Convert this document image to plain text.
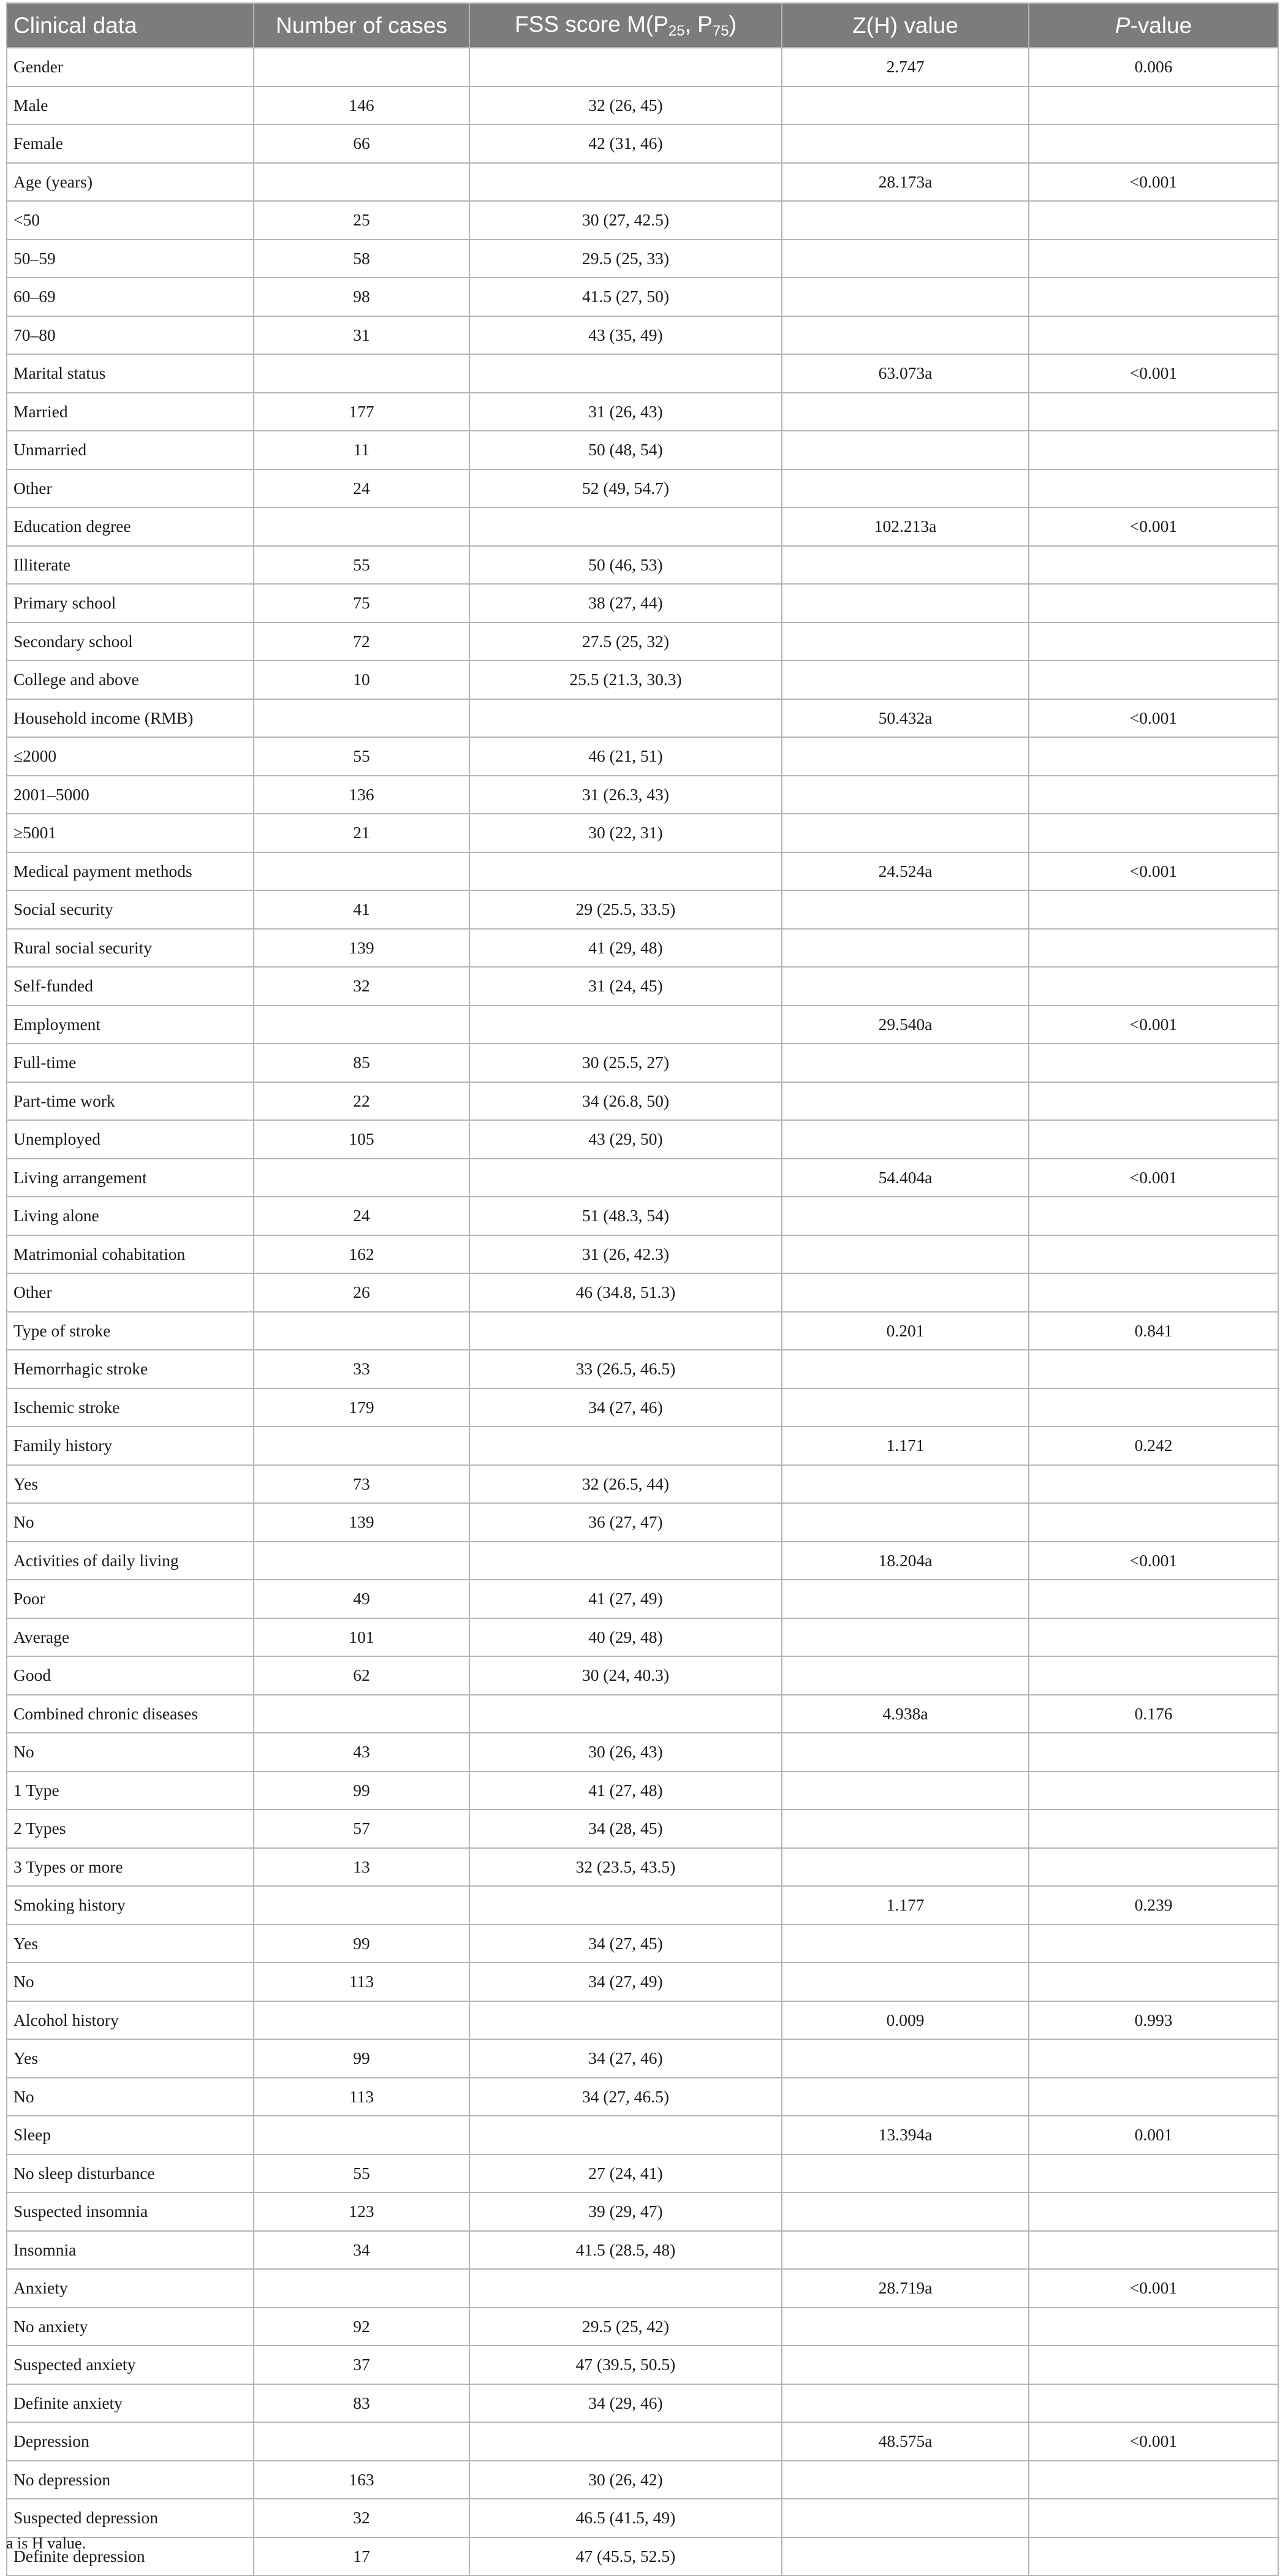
Clinical data	Number of cases	FSS score $M(P_{25}$, $P_{75}$)	Z(H) value	P-value
Gender			2.747	0.006
Male	146	32 (26, 45)		
Female	66	42 (31, 46)		
Age (years)			28.173a	<0.001
<50	25	30 (27, 42.5)		
50–59	58	29.5 (25, 33)		
60–69	98	41.5 (27, 50)		
70–80	31	43 (35, 49)		
Marital status			63.073a	<0.001
Married	177	31 (26, 43)		
Unmarried	11	50 (48, 54)		
Other	24	52 (49, 54.7)		
Education degree			102.213a	<0.001
Illiterate	55	50 (46, 53)		
Primary school	75	38 (27, 44)		
Secondary school	72	27.5 (25, 32)		
College and above	10	25.5 (21.3, 30.3)		
Household income (RMB)			50.432a	<0.001
≤2000	55	46 (21, 51)		
2001–5000	136	31 (26.3, 43)		
≥5001	21	30 (22, 31)		
Medical payment methods			24.524a	<0.001
Social security	41	29 (25.5, 33.5)		
Rural social security	139	41 (29, 48)		
Self-funded	32	31 (24, 45)		
Employment			29.540a	<0.001
Full-time	85	30 (25.5, 27)		
Part-time work	22	34 (26.8, 50)		
Unemployed	105	43 (29, 50)		
Living arrangement			54.404a	<0.001
Living alone	24	51 (48.3, 54)		
Matrimonial cohabitation	162	31 (26, 42.3)		
Other	26	46 (34.8, 51.3)		
Type of stroke			0.201	0.841
Hemorrhagic stroke	33	33 (26.5, 46.5)		
Ischemic stroke	179	34 (27, 46)		
Family history			1.171	0.242
Yes	73	32 (26.5, 44)		
No	139	36 (27, 47)		
Activities of daily living			18.204a	<0.001
Poor	49	41 (27, 49)		
Average	101	40 (29, 48)		
Good	62	30 (24, 40.3)		
Combined chronic diseases			4.938a	0.176
No	43	30 (26, 43)		
1 Type	99	41 (27, 48)		
2 Types	57	34 (28, 45)		
3 Types or more	13	32 (23.5, 43.5)		
Smoking history			1.177	0.239
Yes	99	34 (27, 45)		
No	113	34 (27, 49)		
Alcohol history			0.009	0.993
Yes	99	34 (27, 46)		
No	113	34 (27, 46.5)		
Sleep			13.394a	0.001
No sleep disturbance	55	27 (24, 41)		
Suspected insomnia	123	39 (29, 47)		
Insomnia	34	41.5 (28.5, 48)		
Anxiety			28.719a	<0.001
No anxiety	92	29.5 (25, 42)		
Suspected anxiety	37	47 (39.5, 50.5)		
Definite anxiety	83	34 (29, 46)		
Depression			48.575a	<0.001
No depression	163	30 (26, 42)		
Suspected depression	32	46.5 (41.5, 49)		
Definite depression	17	47 (45.5, 52.5)		
a is H value.
